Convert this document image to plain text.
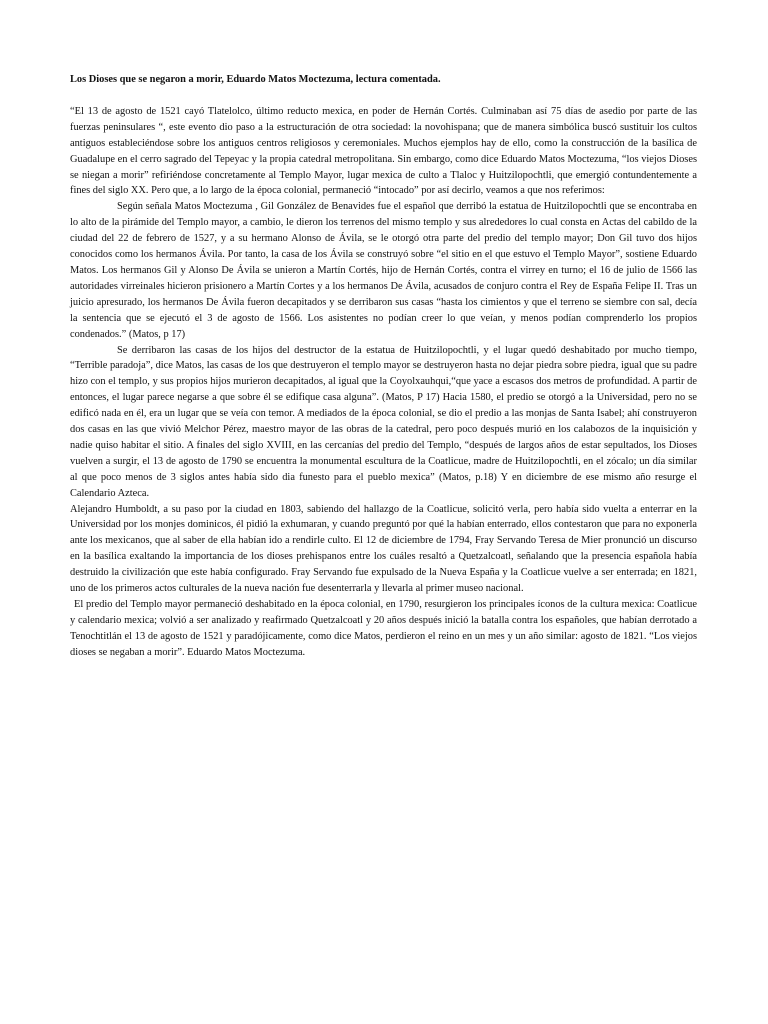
Los Dioses que se negaron a morir, Eduardo Matos Moctezuma, lectura comentada.

“El 13 de agosto de 1521 cayó Tlatelolco, último reducto mexica, en poder de Hernán Cortés. Culminaban así 75 días de asedio por parte de las fuerzas peninsulares “, este evento dio paso a la estructuración de otra sociedad: la novohispana; que de manera simbólica buscó sustituir los cultos antiguos estableciéndose sobre los antiguos centros religiosos y ceremoniales. Muchos ejemplos hay de ello, como la construcción de la basílica de Guadalupe en el cerro sagrado del Tepeyac y la propia catedral metropolitana. Sin embargo, como dice Eduardo Matos Moctezuma, “los viejos Dioses se niegan a morir” refiriéndose concretamente al Templo Mayor, lugar mexica de culto a Tlaloc y Huitzilopochtli, que emergió contundentemente a fines del siglo XX. Pero que, a lo largo de la época colonial, permaneció “intocado” por así decirlo, veamos a que nos referimos:

Según señala Matos Moctezuma , Gil González de Benavides fue el español que derribó la estatua de Huitzilopochtli que se encontraba en lo alto de la pirámide del Templo mayor, a cambio, le dieron los terrenos del mismo templo y sus alrededores lo cual consta en Actas del cabildo de la ciudad del 22 de febrero de 1527, y a su hermano Alonso de Ávila, se le otorgó otra parte del predio del templo mayor; Don Gil tuvo dos hijos conocidos como los hermanos Ávila. Por tanto, la casa de los Ávila se construyó sobre “el sitio en el que estuvo el Templo Mayor”, sostiene Eduardo Matos. Los hermanos Gil y Alonso De Ávila se unieron a Martín Cortés, hijo de Hernán Cortés, contra el virrey en turno; el 16 de julio de 1566 las autoridades virreinales hicieron prisionero a Martín Cortes y a los hermanos De Ávila, acusados de conjuro contra el Rey de España Felipe II. Tras un juicio apresurado, los hermanos De Ávila fueron decapitados y se derribaron sus casas “hasta los cimientos y que el terreno se siembre con sal, decía la sentencia que se ejecutó el 3 de agosto de 1566. Los asistentes no podían creer lo que veían, y menos podían comprenderlo los propios condenados.” (Matos, p 17)

Se derribaron las casas de los hijos del destructor de la estatua de Huitzilopochtli, y el lugar quedó deshabitado por mucho tiempo, “Terrible paradoja”, dice Matos, las casas de los que destruyeron el templo mayor se destruyeron hasta no dejar piedra sobre piedra, igual que su padre hizo con el templo, y sus propios hijos murieron decapitados, al igual que la Coyolxauhqui,“que yace a escasos dos metros de profundidad. A partir de entonces, el lugar parece negarse a que sobre él se edifique casa alguna”. (Matos, P 17) Hacia 1580, el predio se otorgó a la Universidad, pero no se edificó nada en él, era un lugar que se veía con temor. A mediados de la época colonial, se dio el predio a las monjas de Santa Isabel; ahí construyeron dos casas en las que vivió Melchor Pérez, maestro mayor de las obras de la catedral, pero poco después murió en los calabozos de la inquisición y nadie quiso habitar el sitio. A finales del siglo XVIII, en las cercanías del predio del Templo, “después de largos años de estar sepultados, los Dioses vuelven a surgir, el 13 de agosto de 1790 se encuentra la monumental escultura de la Coatlicue, madre de Huitzilopochtli, en el zócalo; un día similar al que poco menos de 3 siglos antes había sido dia funesto para el pueblo mexica” (Matos, p.18) Y en diciembre de ese mismo año resurge el Calendario Azteca.

Alejandro Humboldt, a su paso por la ciudad en 1803, sabiendo del hallazgo de la Coatlicue, solicitó verla, pero había sido vuelta a enterrar en la Universidad por los monjes dominicos, él pidió la exhumaran, y cuando preguntó por qué la habían enterrado, ellos contestaron que para no exponerla ante los mexicanos, que al saber de ella habían ido a rendirle culto. El 12 de diciembre de 1794, Fray Servando Teresa de Mier pronunció un discurso en la basílica exaltando la importancia de los dioses prehispanos entre los cuáles resaltó a Quetzalcoatl, señalando que la presencia española había destruido la civilización que este había configurado. Fray Servando fue expulsado de la Nueva España y la Coatlicue vuelve a ser enterrada; en 1821, uno de los primeros actos culturales de la nueva nación fue desenterrarla y llevarla al primer museo nacional.

El predio del Templo mayor permaneció deshabitado en la época colonial, en 1790, resurgieron los principales íconos de la cultura mexica: Coatlicue y calendario mexica; volvió a ser analizado y reafirmado Quetzalcoatl y 20 años después inició la batalla contra los españoles, que habían derrotado a Tenochtitlán el 13 de agosto de 1521 y paradójicamente, como dice Matos, perdieron el reino en un mes y un año similar: agosto de 1821. “Los viejos dioses se negaban a morir”. Eduardo Matos Moctezuma.
